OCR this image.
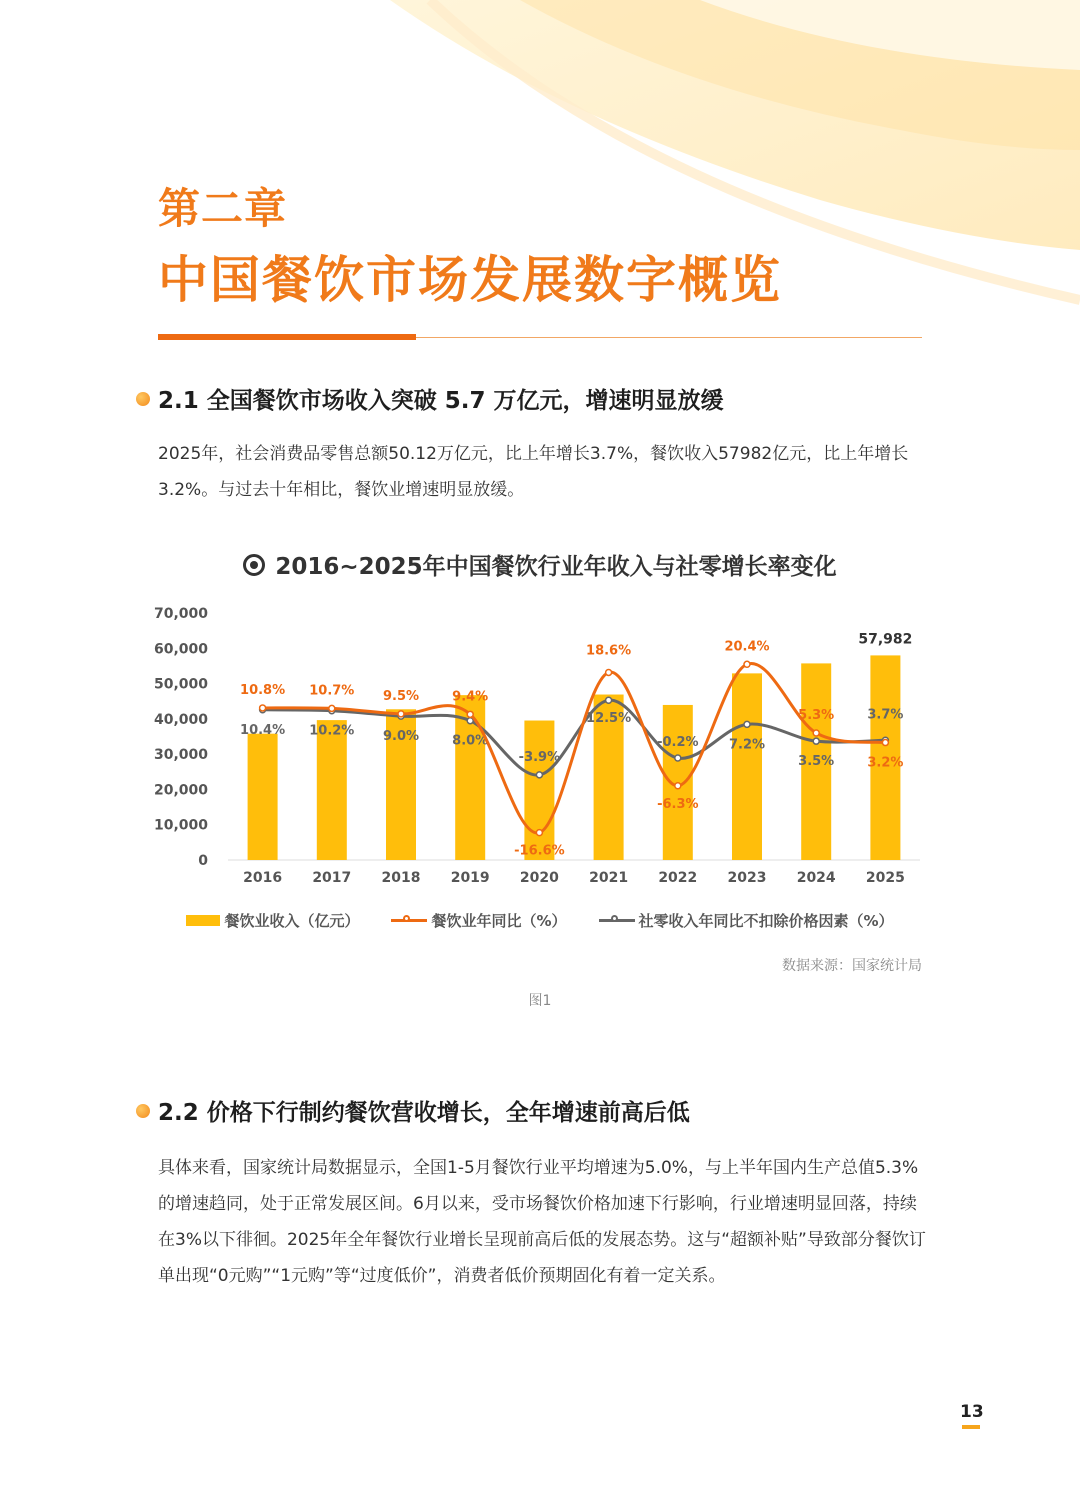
第二章
中国餐饮市场发展数字概览
2.1 全国餐饮市场收入突破 5.7 万亿元，增速明显放缓
2025年，社会消费品零售总额50.12万亿元，比上年增长3.7%，餐饮收入57982亿元，比上年增长3.2%。与过去十年相比，餐饮业增速明显放缓。
2016~2025年中国餐饮行业年收入与社零增长率变化
70,000
60,000
50,000
40,000
30,000
20,000
10,000
0
2016 2017 2018 2019 2020 2021 2022 2023 2024 2025
57,982
10.4% 10.2% 9.0%	8.0%
-3.9%
12.5%
-0.2% 7.2%
3.5%
3.7%
10.8% 10.7% 9.5%	9.4%
-16.6%
18.6%
-6.3%
20.4%
5.3%
3.2%
餐饮业收入（亿元）	餐饮业年同比（%）	社零收入年同比不扣除价格因素（%）
数据来源：国家统计局
图1
2.2 价格下行制约餐饮营收增长，全年增速前高后低
具体来看，国家统计局数据显示，全国1-5月餐饮行业平均增速为5.0%，与上半年国内生产总值5.3%的增速趋同，处于正常发展区间。6月以来，受市场餐饮价格加速下行影响，行业增速明显回落，持续在3%以下徘徊。2025年全年餐饮行业增长呈现前高后低的发展态势。这与“超额补贴”导致部分餐饮订单出现“0元购”“1元购”等“过度低价”，消费者低价预期固化有着一定关系。
13
